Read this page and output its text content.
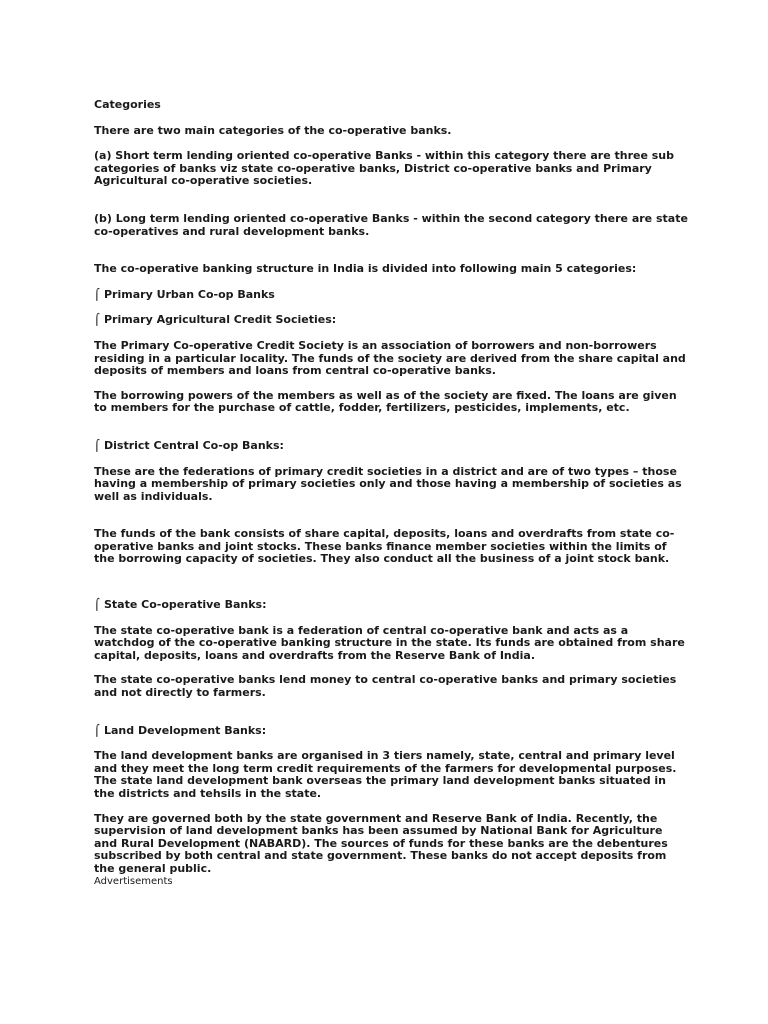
Categories

There are two main categories of the co-operative banks.

(a) Short term lending oriented co-operative Banks - within this category there are three sub categories of banks viz state co-operative banks, District co-operative banks and Primary Agricultural co-operative societies.

(b) Long term lending oriented co-operative Banks - within the second category there are state co-operatives and rural development banks.

The co-operative banking structure in India is divided into following main 5 categories:

⌠ Primary Urban Co-op Banks

⌠ Primary Agricultural Credit Societies:

The Primary Co-operative Credit Society is an association of borrowers and non-borrowers residing in a particular locality. The funds of the society are derived from the share capital and deposits of members and loans from central co-operative banks.

The borrowing powers of the members as well as of the society are fixed. The loans are given to members for the purchase of cattle, fodder, fertilizers, pesticides, implements, etc.

⌠ District Central Co-op Banks:

These are the federations of primary credit societies in a district and are of two types – those having a membership of primary societies only and those having a membership of societies as well as individuals.

The funds of the bank consists of share capital, deposits, loans and overdrafts from state co-operative banks and joint stocks. These banks finance member societies within the limits of the borrowing capacity of societies. They also conduct all the business of a joint stock bank.

⌠ State Co-operative Banks:

The state co-operative bank is a federation of central co-operative bank and acts as a watchdog of the co-operative banking structure in the state. Its funds are obtained from share capital, deposits, loans and overdrafts from the Reserve Bank of India.

The state co-operative banks lend money to central co-operative banks and primary societies and not directly to farmers.

⌠ Land Development Banks:

The land development banks are organised in 3 tiers namely, state, central and primary level and they meet the long term credit requirements of the farmers for developmental purposes. The state land development bank overseas the primary land development banks situated in the districts and tehsils in the state.

They are governed both by the state government and Reserve Bank of India. Recently, the supervision of land development banks has been assumed by National Bank for Agriculture and Rural Development (NABARD). The sources of funds for these banks are the debentures subscribed by both central and state government. These banks do not accept deposits from the general public.

Advertisements
